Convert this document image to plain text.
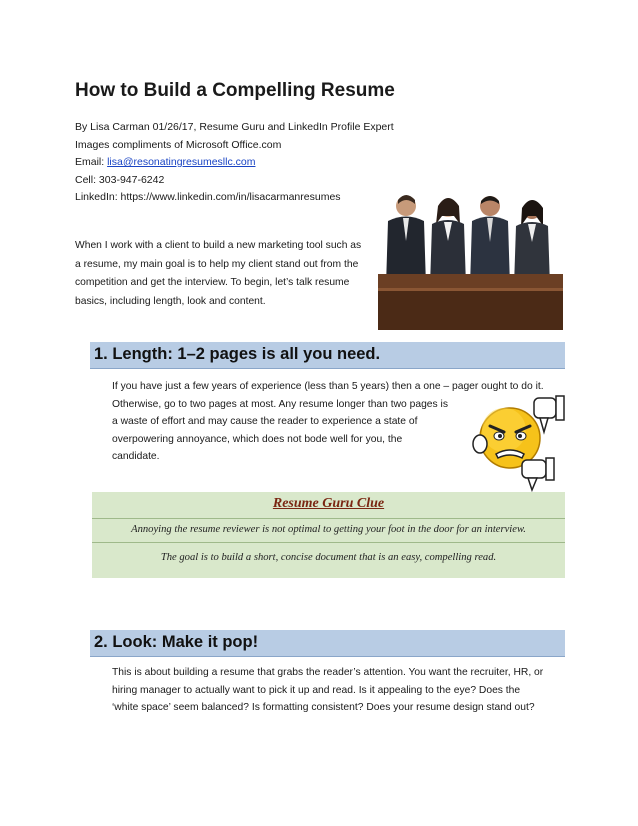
How to Build a Compelling Resume
By Lisa Carman 01/26/17, Resume Guru and LinkedIn Profile Expert
Images compliments of Microsoft Office.com
Email: lisa@resonatingresumesllc.com
Cell: 303-947-6242
LinkedIn: https://www.linkedin.com/in/lisacarmanresumes
When I work with a client to build a new marketing tool such as
a resume, my main goal is to help my client stand out from the
competition and get the interview. To begin, let’s talk resume
basics, including length, look and content.
1. Length: 1–2 pages is all you need.
If you have just a few years of experience (less than 5 years) then a one – pager ought to do it.
Otherwise, go to two pages at most. Any resume longer than two pages is
a waste of effort and may cause the reader to experience a state of
overpowering annoyance, which does not bode well for you, the
candidate.
Resume Guru Clue
Annoying the resume reviewer is not optimal to getting your foot in the door for an interview.
The goal is to build a short, concise document that is an easy, compelling read.
2. Look: Make it pop!
This is about building a resume that grabs the reader’s attention. You want the recruiter, HR, or
hiring manager to actually want to pick it up and read. Is it appealing to the eye? Does the
‘white space’ seem balanced? Is formatting consistent? Does your resume design stand out?
